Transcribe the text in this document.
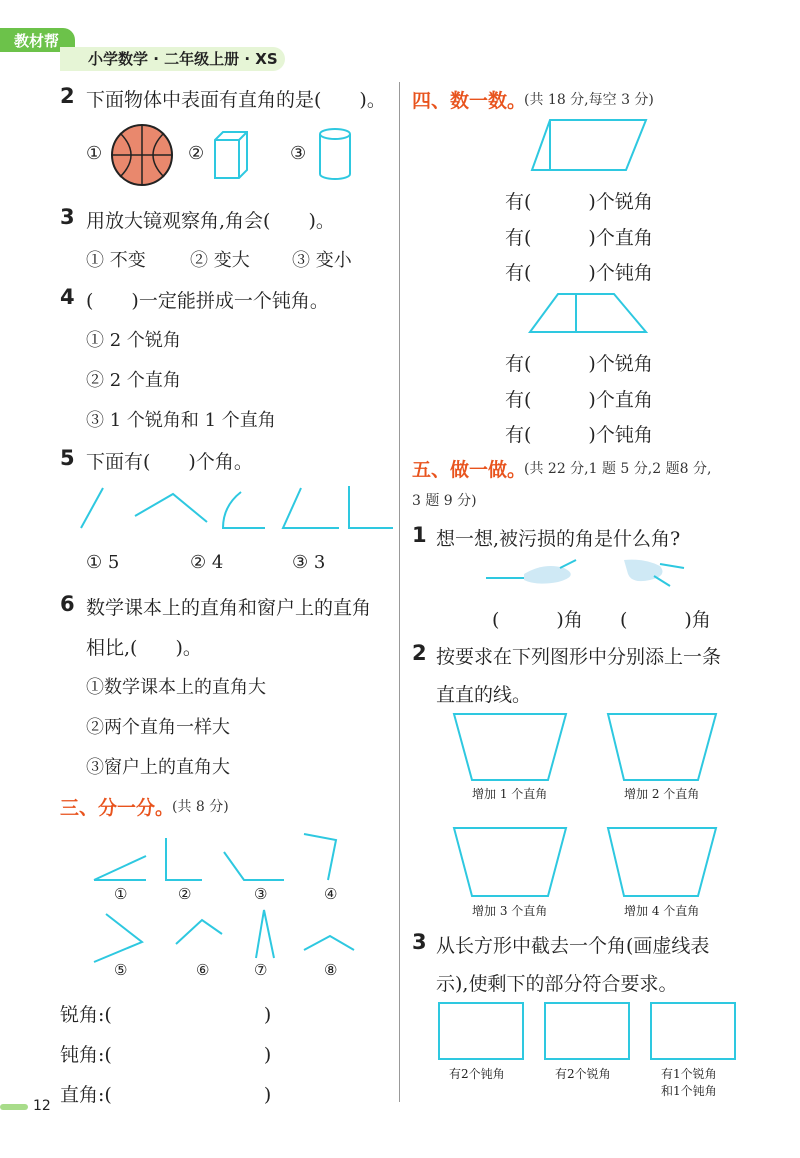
教材帮
小学数学 · 二年级上册 · XS
2 下面物体中表面有直角的是(　　)。
①	②	③
3 用放大镜观察角,角会(　　)。
① 不变 ② 变大 ③ 变小
4 (　　)一定能拼成一个钝角。
① 2 个锐角
② 2 个直角
③ 1 个锐角和 1 个直角
5 下面有(　　)个角。
① 5	② 4	③ 3
6 数学课本上的直角和窗户上的直角
相比,(　　)。
①数学课本上的直角大
②两个直角一样大
③窗户上的直角大
三、分一分。
(共 8 分)
①	②	③	④
⑤	⑥	⑦	⑧
锐角:(　　　　　　　　)
钝角:(　　　　　　　　)
直角:(　　　　　　　　)
12
四、数一数。
(共 18 分,每空 3 分)
有(　　　)个锐角
有(　　　)个直角
有(　　　)个钝角
有(　　　)个锐角
有(　　　)个直角
有(　　　)个钝角
五、做一做。
(共 22 分,1 题 5 分,2 题8 分,
3 题 9 分)
1 想一想,被污损的角是什么角?
(　　　)角 (　　　)角
2 按要求在下列图形中分别添上一条
直直的线。
增加 1 个直角	增加 2 个直角
增加 3 个直角	增加 4 个直角
3 从长方形中截去一个角(画虚线表
示),使剩下的部分符合要求。
有2个钝角	有2个锐角	有1个锐角
和1个钝角
